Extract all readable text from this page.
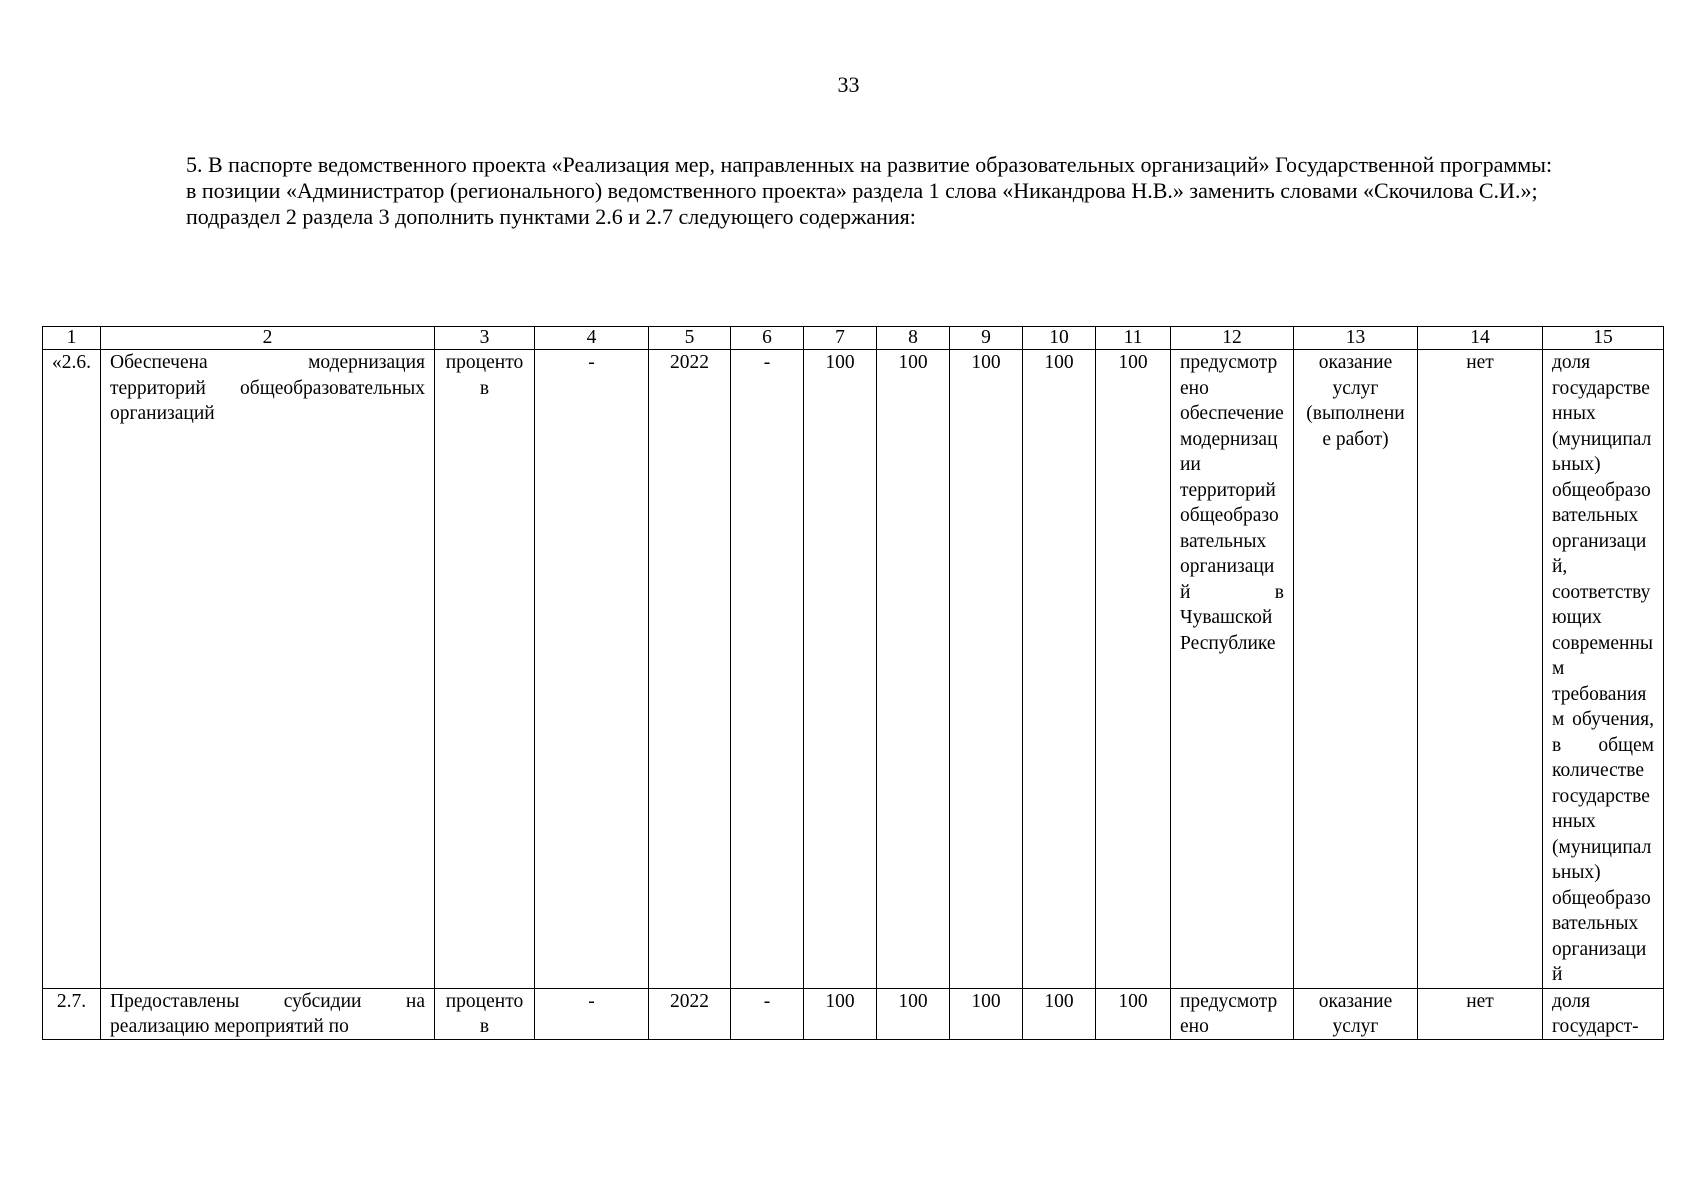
33

5. В паспорте ведомственного проекта «Реализация мер, направленных на развитие образовательных организаций» Государственной программы:

в позиции «Администратор (регионального) ведомственного проекта» раздела 1 слова «Никандрова Н.В.» заменить словами «Скочилова С.И.»;

подраздел 2 раздела 3 дополнить пунктами 2.6 и 2.7 следующего содержания:

1	2	3	4	5	6	7	8	9	10	11	12	13	14	15
«2.6.	Обеспечена модернизация территорий общеобразовательных организаций	процентов	-	2022	-	100	100	100	100	100	предусмотрено обеспечение модернизации территорий общеобразовательных организаций в Чувашской Республике	оказание услуг (выполнение работ)	нет	доля государственных (муниципальных) общеобразовательных организаций, соответствующих современным требованиям обучения, в общем количестве государственных (муниципальных) общеобразовательных организаций

2.7.	Предоставлены субсидии на реализацию мероприятий по	процентов	-	2022	-	100	100	100	100	100	предусмотрено	оказание услуг	нет	доля государст-
